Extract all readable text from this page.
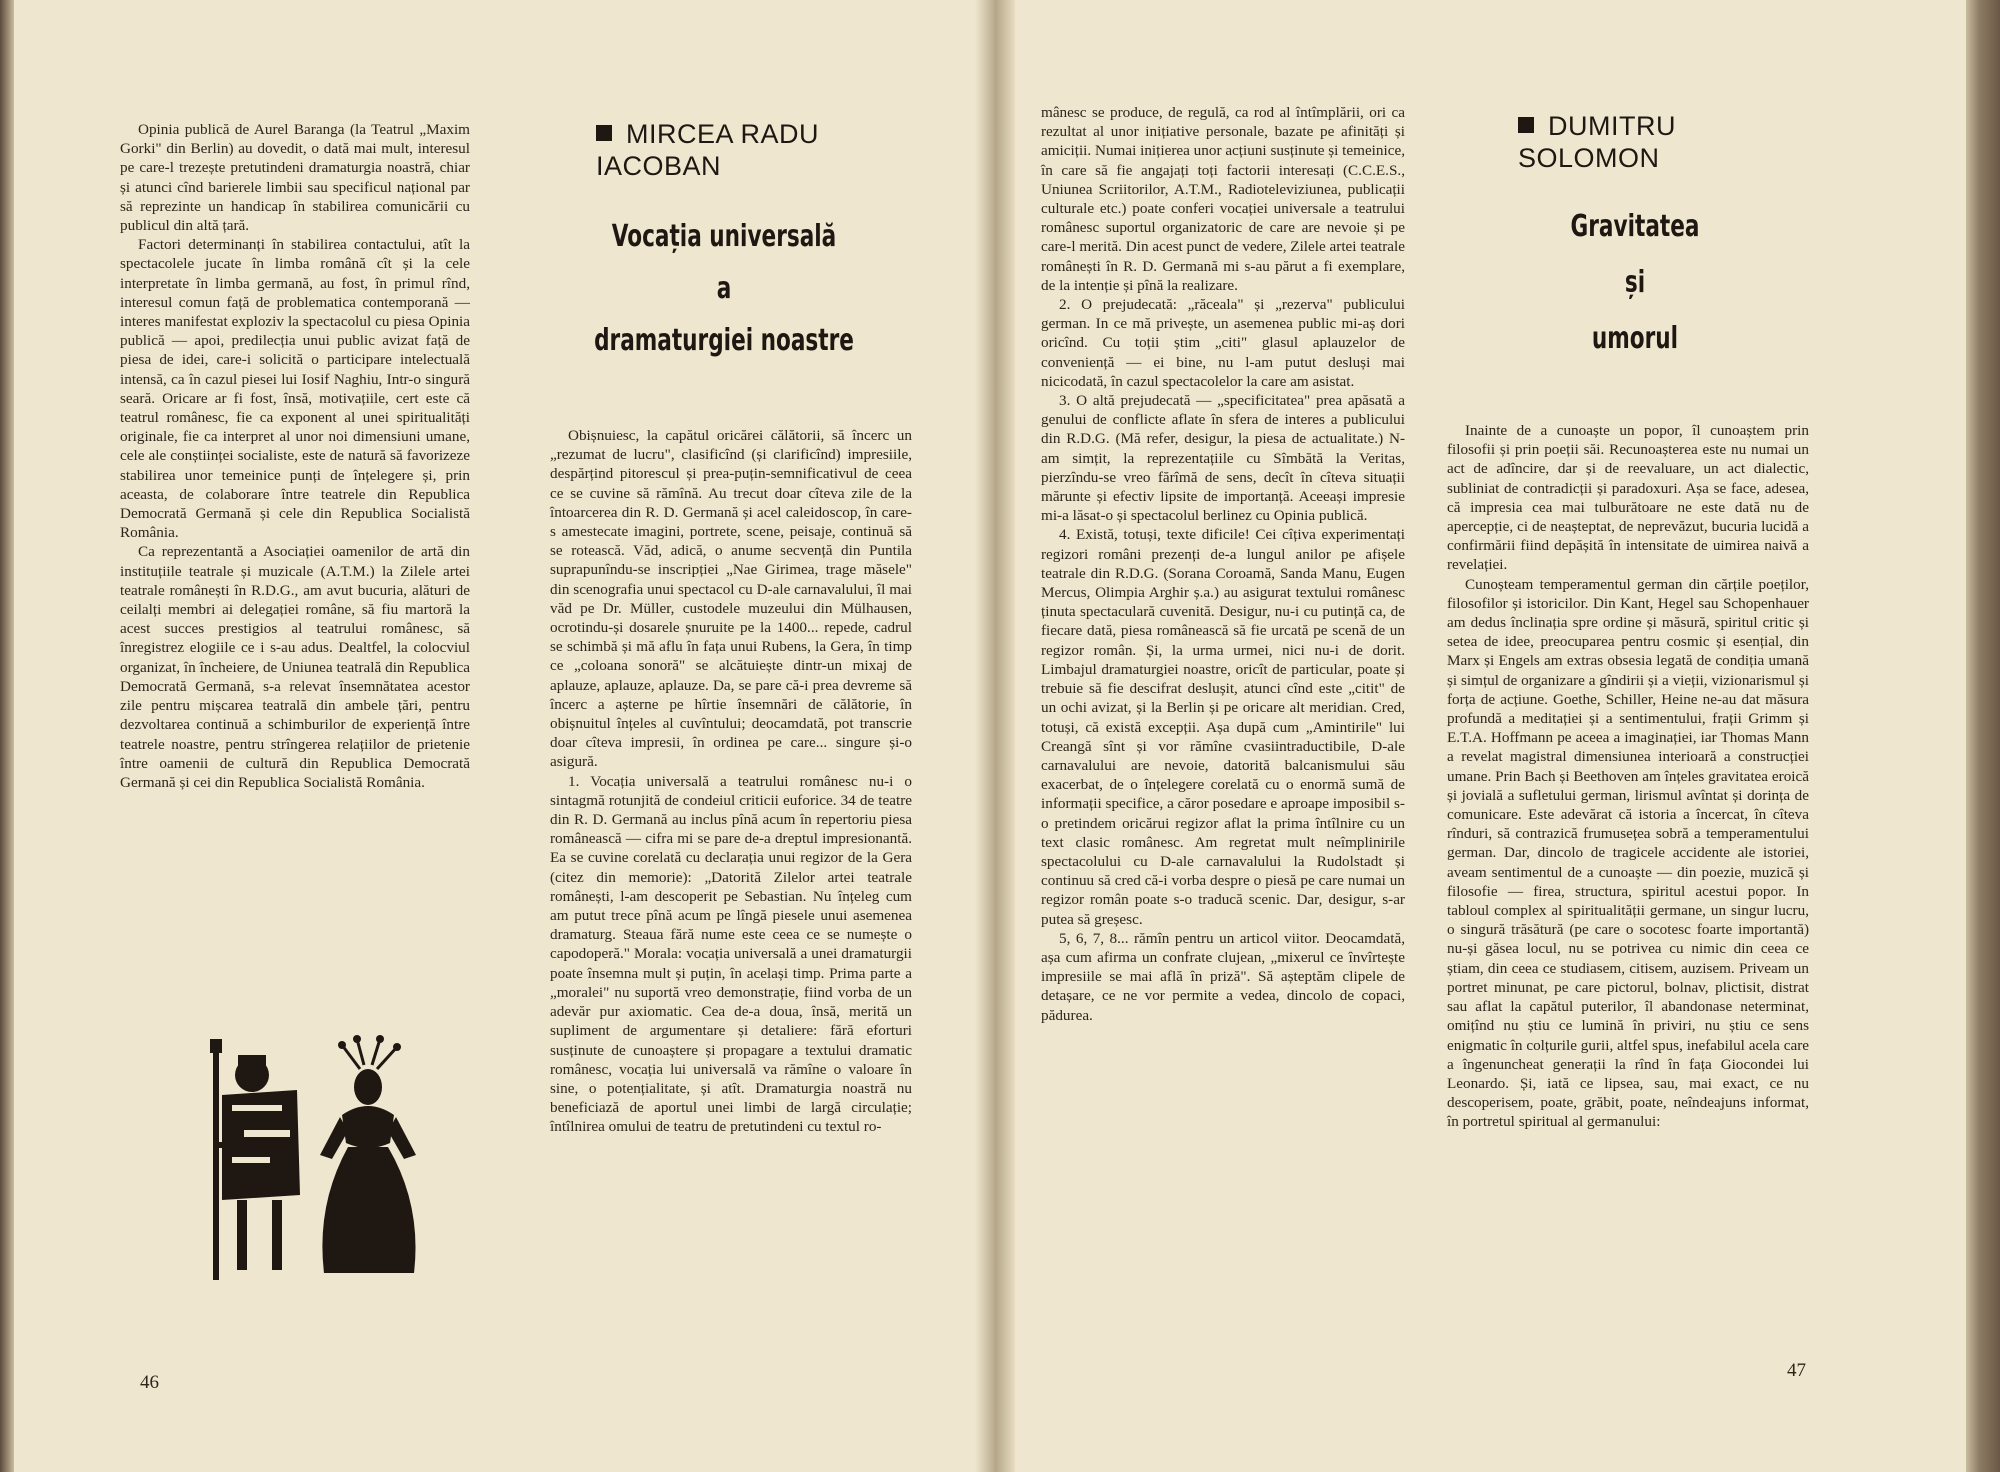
Opinia publică de Aurel Baranga (la Teatrul „Maxim Gorki" din Berlin) au dovedit, o dată mai mult, interesul pe care-l trezește pretutindeni dramaturgia noastră, chiar și atunci cînd barierele limbii sau specificul național par să reprezinte un handicap în stabilirea comunicării cu publicul din altă țară.

Factori determinanți în stabilirea contactului, atît la spectacolele jucate în limba română cît și la cele interpretate în limba germană, au fost, în primul rînd, interesul comun față de problematica contemporană — interes manifestat exploziv la spectacolul cu piesa Opinia publică — apoi, predilecția unui public avizat față de piesa de idei, care-i solicită o participare intelectuală intensă, ca în cazul piesei lui Iosif Naghiu, Intr-o singură seară. Oricare ar fi fost, însă, motivațiile, cert este că teatrul românesc, fie ca exponent al unei spiritualități originale, fie ca interpret al unor noi dimensiuni umane, cele ale conștiinței socialiste, este de natură să favorizeze stabilirea unor temeinice punți de înțelegere și, prin aceasta, de colaborare între teatrele din Republica Democrată Germană și cele din Republica Socialistă România.

Ca reprezentantă a Asociației oamenilor de artă din instituțiile teatrale și muzicale (A.T.M.) la Zilele artei teatrale românești în R.D.G., am avut bucuria, alături de ceilalți membri ai delegației române, să fiu martoră la acest succes prestigios al teatrului românesc, să înregistrez elogiile ce i s-au adus. Dealtfel, la colocviul organizat, în încheiere, de Uniunea teatrală din Republica Democrată Germană, s-a relevat însemnătatea acestor zile pentru mișcarea teatrală din ambele țări, pentru dezvoltarea continuă a schimburilor de experiență între teatrele noastre, pentru strîngerea relațiilor de prietenie între oamenii de cultură din Republica Democrată Germană și cei din Republica Socialistă România.

46
MIRCEA RADU IACOBAN
Vocația universală
a
dramaturgiei noastre

Obișnuiesc, la capătul oricărei călătorii, să încerc un „rezumat de lucru", clasificînd (și clarificînd) impresiile, despărțind pitorescul și prea-puțin-semnificativul de ceea ce se cuvine să rămînă. Au trecut doar cîteva zile de la întoarcerea din R. D. Germană și acel caleidoscop, în care-s amestecate imagini, portrete, scene, peisaje, continuă să se rotească. Văd, adică, o anume secvență din Puntila suprapunîndu-se inscripției „Nae Girimea, trage măsele" din scenografia unui spectacol cu D-ale carnavalului, îl mai văd pe Dr. Müller, custodele muzeului din Mülhausen, ocrotindu-și dosarele șnuruite pe la 1400... repede, cadrul se schimbă și mă aflu în fața unui Rubens, la Gera, în timp ce „coloana sonoră" se alcătuiește dintr-un mixaj de aplauze, aplauze, aplauze. Da, se pare că-i prea devreme să încerc a așterne pe hîrtie însemnări de călătorie, în obișnuitul înțeles al cuvîntului; deocamdată, pot transcrie doar cîteva impresii, în ordinea pe care... singure și-o asigură.

1. Vocația universală a teatrului românesc nu-i o sintagmă rotunjită de condeiul criticii euforice. 34 de teatre din R. D. Germană au inclus pînă acum în repertoriu piesa românească — cifra mi se pare de-a dreptul impresionantă. Ea se cuvine corelată cu declarația unui regizor de la Gera (citez din memorie): „Datorită Zilelor artei teatrale românești, l-am descoperit pe Sebastian. Nu înțeleg cum am putut trece pînă acum pe lîngă piesele unui asemenea dramaturg. Steaua fără nume este ceea ce se numește o capodoperă." Morala: vocația universală a unei dramaturgii poate însemna mult și puțin, în același timp. Prima parte a „moralei" nu suportă vreo demonstrație, fiind vorba de un adevăr pur axiomatic. Cea de-a doua, însă, merită un supliment de argumentare și detaliere: fără eforturi susținute de cunoaștere și propagare a textului dramatic românesc, vocația lui universală va rămîne o valoare în sine, o potențialitate, și atît. Dramaturgia noastră nu beneficiază de aportul unei limbi de largă circulație; întîlnirea omului de teatru de pretutindeni cu textul ro-

mânesc se produce, de regulă, ca rod al întîmplării, ori ca rezultat al unor inițiative personale, bazate pe afinități și amiciții. Numai inițierea unor acțiuni susținute și temeinice, în care să fie angajați toți factorii interesați (C.C.E.S., Uniunea Scriitorilor, A.T.M., Radioteleviziunea, publicații culturale etc.) poate conferi vocației universale a teatrului românesc suportul organizatoric de care are nevoie și pe care-l merită. Din acest punct de vedere, Zilele artei teatrale românești în R. D. Germană mi s-au părut a fi exemplare, de la intenție și pînă la realizare.

2. O prejudecată: „răceala" și „rezerva" publicului german. In ce mă privește, un asemenea public mi-aș dori oricînd. Cu toții știm „citi" glasul aplauzelor de conveniență — ei bine, nu l-am putut desluși mai nicicodată, în cazul spectacolelor la care am asistat.

3. O altă prejudecată — „specificitatea" prea apăsată a genului de conflicte aflate în sfera de interes a publicului din R.D.G. (Mă refer, desigur, la piesa de actualitate.) N-am simțit, la reprezentațiile cu Sîmbătă la Veritas, pierzîndu-se vreo fărîmă de sens, decît în cîteva situații mărunte și efectiv lipsite de importanță. Aceeași impresie mi-a lăsat-o și spectacolul berlinez cu Opinia publică.

4. Există, totuși, texte dificile! Cei cîțiva experimentați regizori români prezenți de-a lungul anilor pe afișele teatrale din R.D.G. (Sorana Coroamă, Sanda Manu, Eugen Mercus, Olimpia Arghir ș.a.) au asigurat textului românesc ținuta spectaculară cuvenită. Desigur, nu-i cu putință ca, de fiecare dată, piesa românească să fie urcată pe scenă de un regizor român. Și, la urma urmei, nici nu-i de dorit. Limbajul dramaturgiei noastre, oricît de particular, poate și trebuie să fie descifrat deslușit, atunci cînd este „citit" de un ochi avizat, și la Berlin și pe oricare alt meridian. Cred, totuși, că există excepții. Așa după cum „Amintirile" lui Creangă sînt și vor rămîne cvasiintraductibile, D-ale carnavalului are nevoie, datorită balcanismului său exacerbat, de o înțelegere corelată cu o enormă sumă de informații specifice, a căror posedare e aproape imposibil s-o pretindem oricărui regizor aflat la prima întîlnire cu un text clasic românesc. Am regretat mult neîmplinirile spectacolului cu D-ale carnavalului la Rudolstadt și continuu să cred că-i vorba despre o piesă pe care numai un regizor român poate s-o traducă scenic. Dar, desigur, s-ar putea să greșesc.

5, 6, 7, 8... rămîn pentru un articol viitor. Deocamdată, așa cum afirma un confrate clujean, „mixerul ce învîrtește impresiile se mai află în priză". Să așteptăm clipele de detașare, ce ne vor permite a vedea, dincolo de copaci, pădurea.

DUMITRU SOLOMON
Gravitatea
și
umorul

Inainte de a cunoaște un popor, îl cunoaștem prin filosofii și prin poeții săi. Recunoașterea este nu numai un act de adîncire, dar și de reevaluare, un act dialectic, subliniat de contradicții și paradoxuri. Așa se face, adesea, că impresia cea mai tulburătoare ne este dată nu de apercepție, ci de neașteptat, de neprevăzut, bucuria lucidă a confirmării fiind depășită în intensitate de uimirea naivă a revelației.

Cunoșteam temperamentul german din cărțile poeților, filosofilor și istoricilor. Din Kant, Hegel sau Schopenhauer am dedus înclinația spre ordine și măsură, spiritul critic și setea de idee, preocuparea pentru cosmic și esențial, din Marx și Engels am extras obsesia legată de condiția umană și simțul de organizare a gîndirii și a vieții, vizionarismul și forța de acțiune. Goethe, Schiller, Heine ne-au dat măsura profundă a meditației și a sentimentului, frații Grimm și E.T.A. Hoffmann pe aceea a imaginației, iar Thomas Mann a revelat magistral dimensiunea interioară a construcției umane. Prin Bach și Beethoven am înțeles gravitatea eroică și jovială a sufletului german, lirismul avîntat și dorința de comunicare. Este adevărat că istoria a încercat, în cîteva rînduri, să contrazică frumusețea sobră a temperamentului german. Dar, dincolo de tragicele accidente ale istoriei, aveam sentimentul de a cunoaște — din poezie, muzică și filosofie — firea, structura, spiritul acestui popor. In tabloul complex al spiritualității germane, un singur lucru, o singură trăsătură (pe care o socotesc foarte importantă) nu-și găsea locul, nu se potrivea cu nimic din ceea ce știam, din ceea ce studiasem, citisem, auzisem. Priveam un portret minunat, pe care pictorul, bolnav, plictisit, distrat sau aflat la capătul puterilor, îl abandonase neterminat, omițînd nu știu ce lumină în priviri, nu știu ce sens enigmatic în colțurile gurii, altfel spus, inefabilul acela care a îngenuncheat generații la rînd în fața Giocondei lui Leonardo. Și, iată ce lipsea, sau, mai exact, ce nu descoperisem, poate, grăbit, poate, neîndeajuns informat, în portretul spiritual al germanului:

47
